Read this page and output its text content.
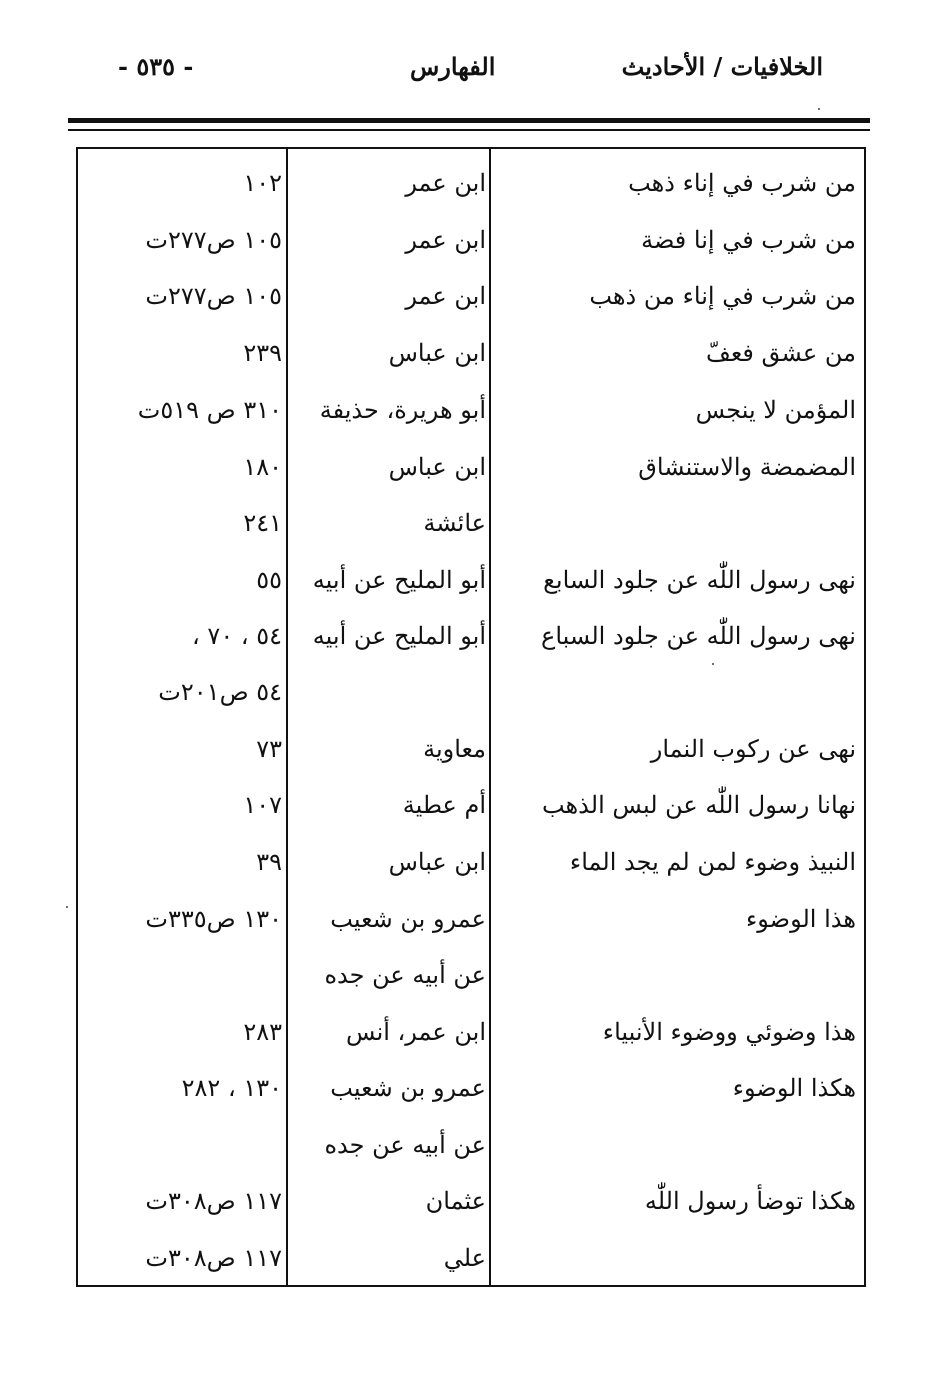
الخلافيات / الأحاديث
الفهارس
- ٥٣٥ -
من شرب في إناء ذهب
ابن عمر
١٠٢
من شرب في إنا فضة
ابن عمر
١٠٥ ص٢٧٧ت
من شرب في إناء من ذهب
ابن عمر
١٠٥ ص٢٧٧ت
من عشق فعفّ
ابن عباس
٢٣٩
المؤمن لا ينجس
أبو هريرة، حذيفة
٣١٠ ص ٥١٩ت
المضمضة والاستنشاق
ابن عباس
١٨٠
عائشة
٢٤١
نهى رسول اللّٰه عن جلود السابع
أبو المليح عن أبيه
٥٥
نهى رسول اللّٰه عن جلود السباع
أبو المليح عن أبيه
٥٤ ، ٧٠ ،
٥٤ ص٢٠١ت
نهى عن ركوب النمار
معاوية
٧٣
نهانا رسول اللّٰه عن لبس الذهب
أم عطية
١٠٧
النبيذ وضوء لمن لم يجد الماء
ابن عباس
٣٩
هذا الوضوء
عمرو بن شعيب
١٣٠ ص٣٣٥ت
عن أبيه عن جده
هذا وضوئي ووضوء الأنبياء
ابن عمر، أنس
٢٨٣
هكذا الوضوء
عمرو بن شعيب
١٣٠ ، ٢٨٢
عن أبيه عن جده
هكذا توضأ رسول اللّٰه
عثمان
١١٧ ص٣٠٨ت
علي
١١٧ ص٣٠٨ت
